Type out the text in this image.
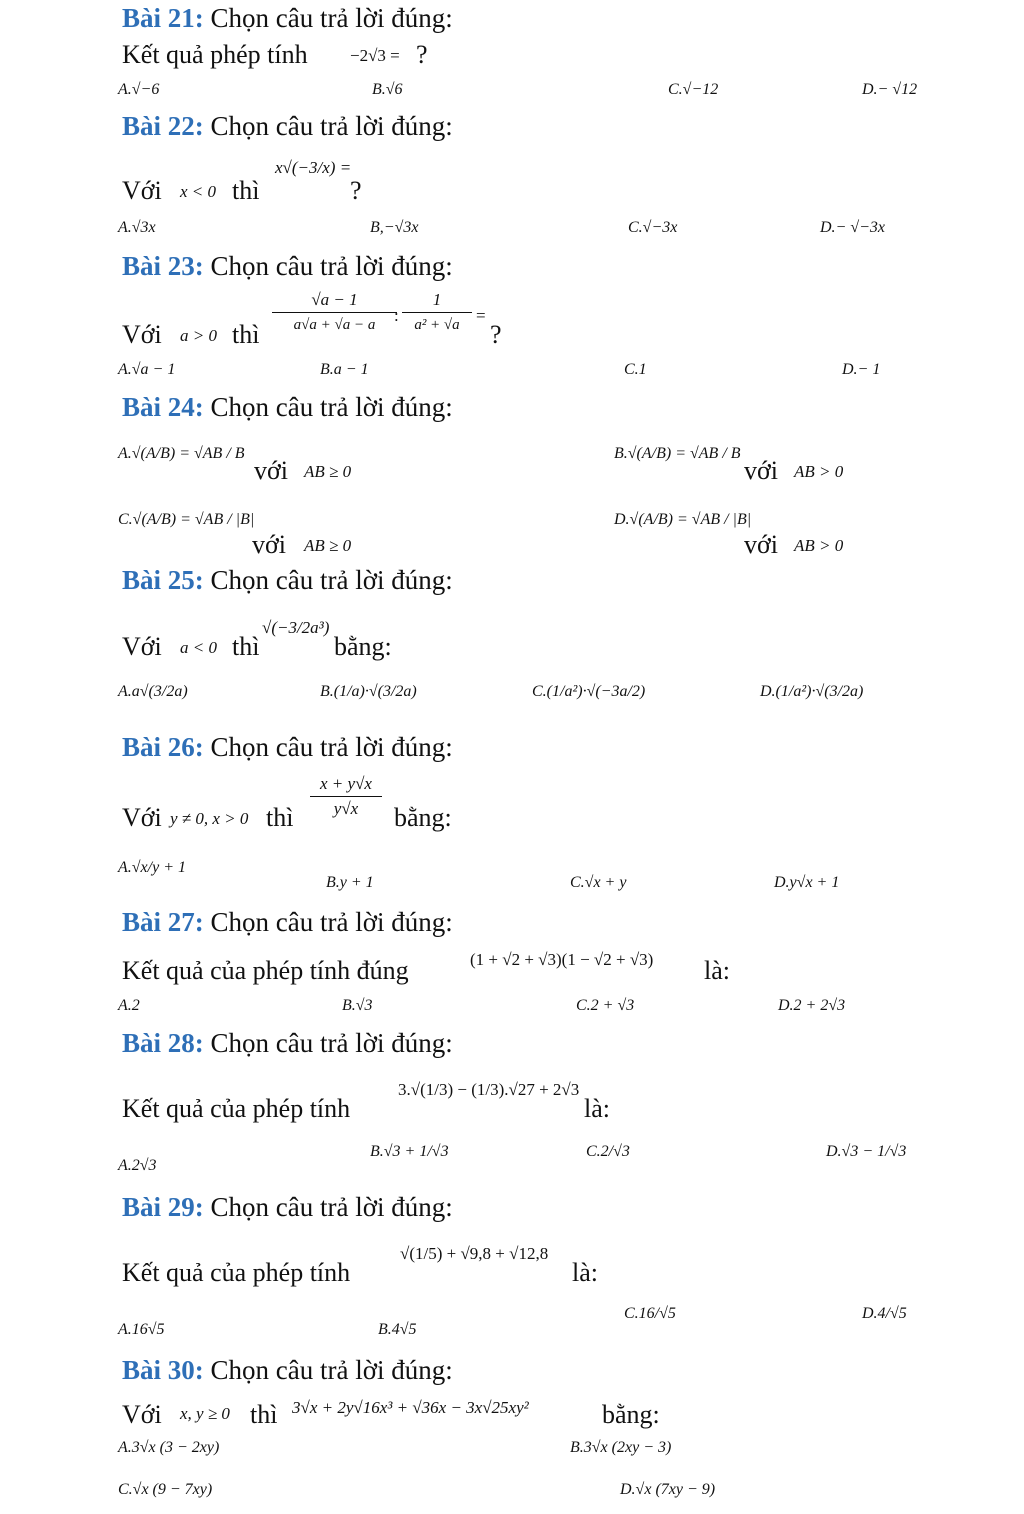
Bài 21: Chọn câu trả lời đúng:
Kết quả phép tính −2√3 = ?
A.√−6	B.√6	C.√−12	D.− √12
Bài 22: Chọn câu trả lời đúng:
Với x < 0 thì
x√(−3/x) =
?
A.√3x	B,−√3x	C.√−3x	D.− √−3x
Bài 23: Chọn câu trả lời đúng:
Với a > 0 thì
√a − 1
a√a + √a − a	:
1
a² + √a =
?
A.√a − 1	B.a − 1	C.1	D.− 1
Bài 24: Chọn câu trả lời đúng:
A.√(A/B) = √AB / B
với AB ≥ 0
B.√(A/B) = √AB / B
với AB > 0
C.√(A/B) = √AB / |B|
với AB ≥ 0
D.√(A/B) = √AB / |B|
với AB > 0
Bài 25: Chọn câu trả lời đúng:
Với a < 0 thì
√(−3/2a³)
bằng:
A.a√(3/2a)	B.(1/a)·√(3/2a)	C.(1/a²)·√(−3a/2)	D.(1/a²)·√(3/2a)
Bài 26: Chọn câu trả lời đúng:
Với y ≠ 0, x > 0 thì
x + y√x
y√x	bằng:
A.√x/y + 1
B.y + 1	C.√x + y	D.y√x + 1
Bài 27: Chọn câu trả lời đúng:
Kết quả của phép tính đúng	(1 + √2 + √3)(1 − √2 + √3) là:
A.2	B.√3	C.2 + √3	D.2 + 2√3
Bài 28: Chọn câu trả lời đúng:
Kết quả của phép tính
3.√(1/3) − (1/3).√27 + 2√3
là:
A.2√3
B.√3 + 1/√3	C.2/√3	D.√3 − 1/√3
Bài 29: Chọn câu trả lời đúng:
Kết quả của phép tính
√(1/5) + √9,8 + √12,8
là:
A.16√5	B.4√5
C.16/√5	D.4/√5
Bài 30: Chọn câu trả lời đúng:
Với x, y ≥ 0 thì 3√x + 2y√16x³ + √36x − 3x√25xy²	bằng:
A.3√x (3 − 2xy)	B.3√x (2xy − 3)
C.√x (9 − 7xy)	D.√x (7xy − 9)
